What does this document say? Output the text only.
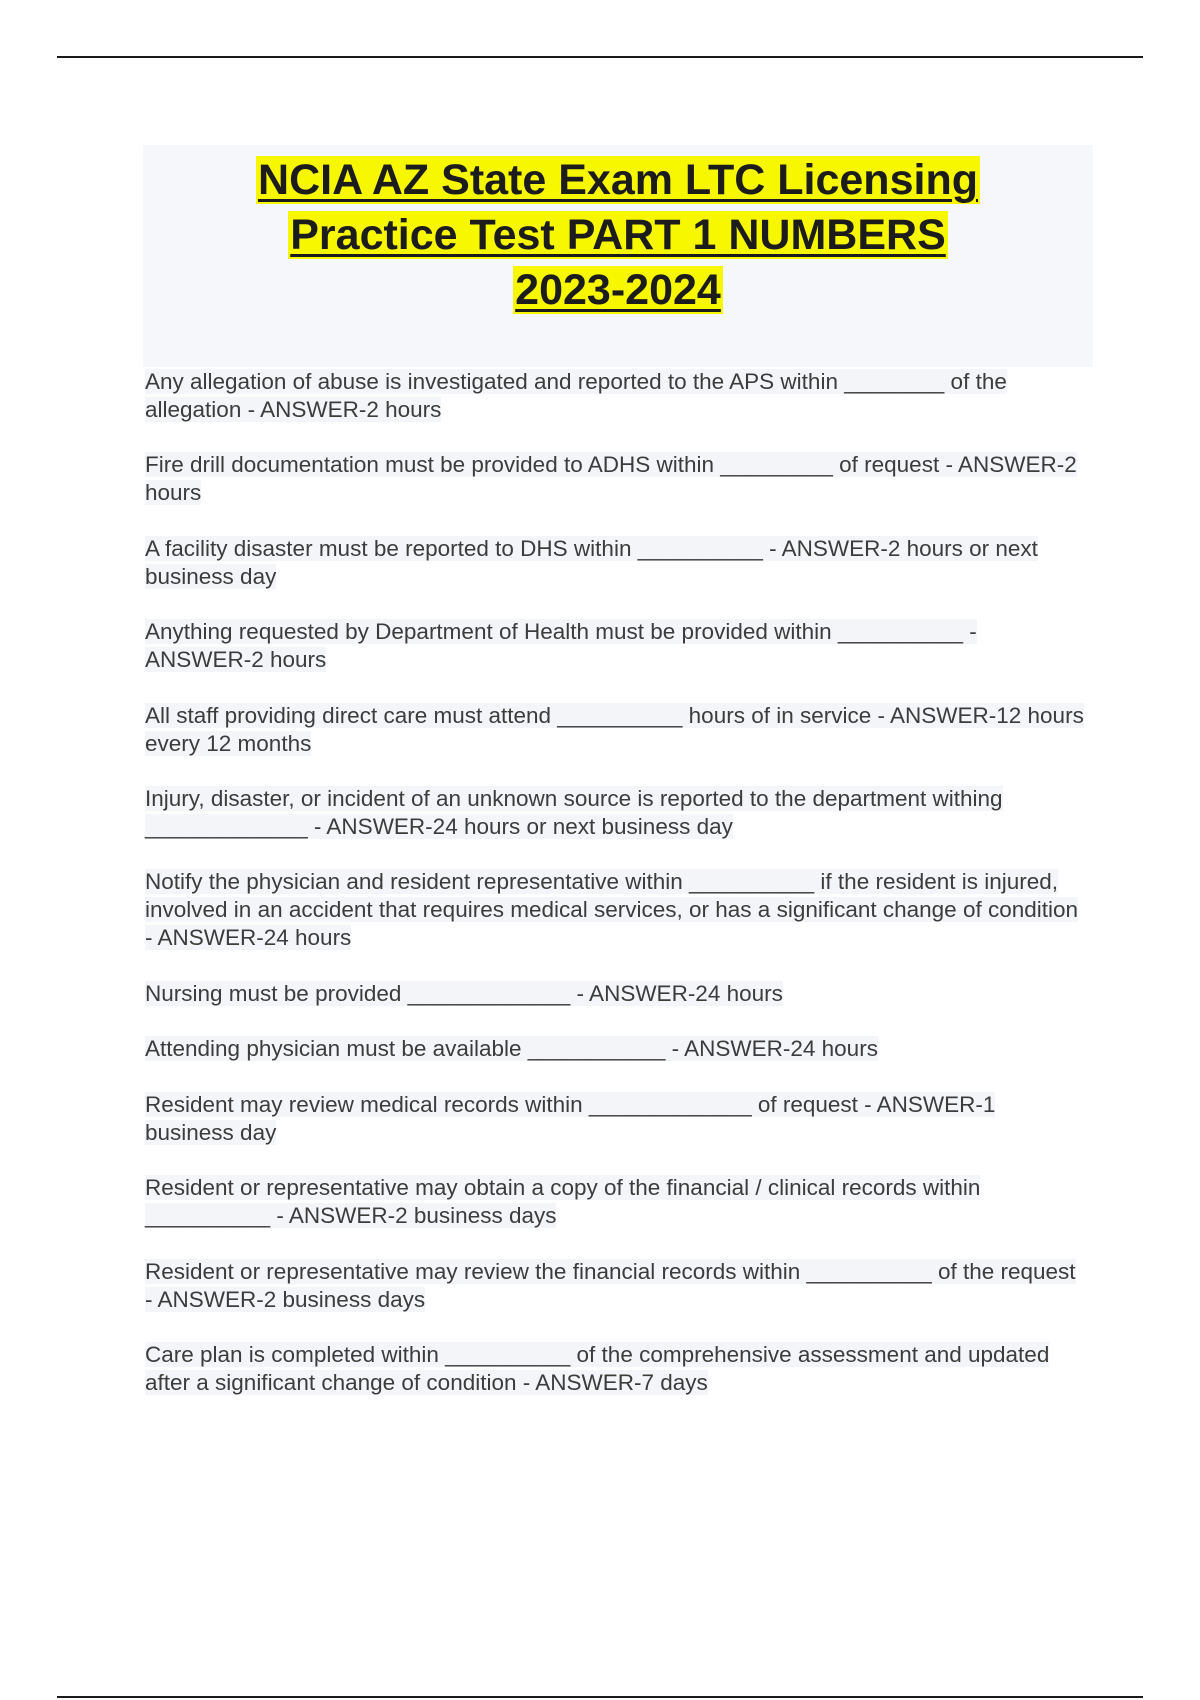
NCIA AZ State Exam LTC Licensing
Practice Test PART 1 NUMBERS
2023-2024

Any allegation of abuse is investigated and reported to the APS within ________ of the allegation - ANSWER-2 hours

Fire drill documentation must be provided to ADHS within _________ of request - ANSWER-2 hours

A facility disaster must be reported to DHS within __________ - ANSWER-2 hours or next business day

Anything requested by Department of Health must be provided within __________ - ANSWER-2 hours

All staff providing direct care must attend __________ hours of in service - ANSWER-12 hours every 12 months

Injury, disaster, or incident of an unknown source is reported to the department withing _____________ - ANSWER-24 hours or next business day

Notify the physician and resident representative within __________ if the resident is injured, involved in an accident that requires medical services, or has a significant change of condition - ANSWER-24 hours

Nursing must be provided _____________ - ANSWER-24 hours

Attending physician must be available ___________ - ANSWER-24 hours

Resident may review medical records within _____________ of request - ANSWER-1 business day

Resident or representative may obtain a copy of the financial / clinical records within __________ - ANSWER-2 business days

Resident or representative may review the financial records within __________ of the request - ANSWER-2 business days

Care plan is completed within __________ of the comprehensive assessment and updated after a significant change of condition - ANSWER-7 days
